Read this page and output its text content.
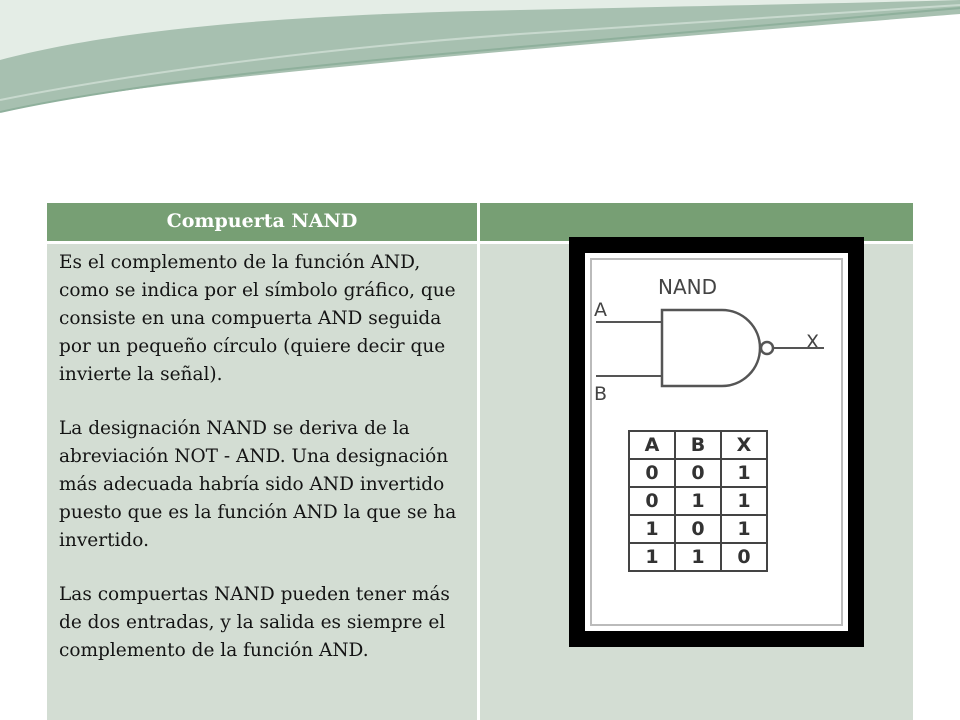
Compuerta NAND

Es el complemento de la función AND, como se indica por el símbolo gráfico, que consiste en una compuerta AND seguida por un pequeño círculo (quiere decir que invierte la señal).

La designación NAND se deriva de la abreviación NOT - AND. Una designación más adecuada habría sido AND invertido puesto que es la función AND la que se ha invertido.

Las compuertas NAND pueden tener más de dos entradas, y la salida es siempre el complemento de la función AND.

NAND
A
B
X
A	B	X
0	0	1
0	1	1
1	0	1
1	1	0
